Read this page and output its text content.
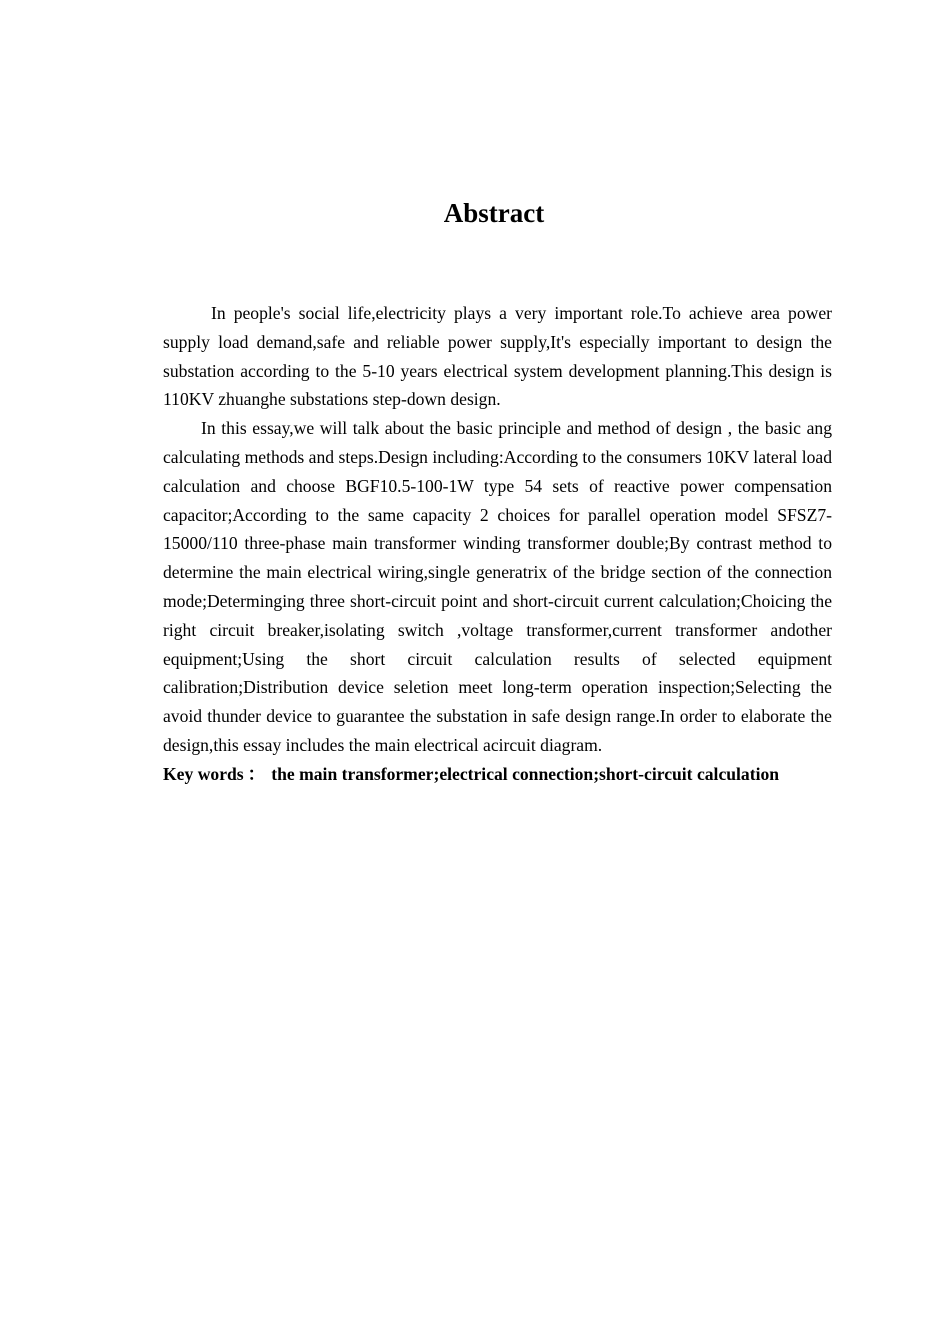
Abstract

In people's social life,electricity plays a very important role.To achieve area power supply load demand,safe and reliable power supply,It's especially important to design the substation according to the 5-10 years electrical system development planning.This design is 110KV zhuanghe substations step-down design.

In this essay,we will talk about the basic principle and method of design , the basic ang calculating methods and steps.Design including:According to the consumers 10KV lateral load calculation and choose BGF10.5-100-1W type 54 sets of reactive power compensation capacitor;According to the same capacity 2 choices for parallel operation model SFSZ7-15000/110 three-phase main transformer winding transformer double;By contrast method to determine the main electrical wiring,single generatrix of the bridge section of the connection mode;Determinging three short-circuit point and short-circuit current calculation;Choicing the right circuit breaker,isolating switch ,voltage transformer,current transformer andother equipment;Using the short circuit calculation results of selected equipment calibration;Distribution device seletion meet long-term operation inspection;Selecting the avoid thunder device to guarantee the substation in safe design range.In order to elaborate the design,this essay includes the main electrical acircuit diagram.

Key words ： the main transformer;electrical connection;short-circuit calculation
